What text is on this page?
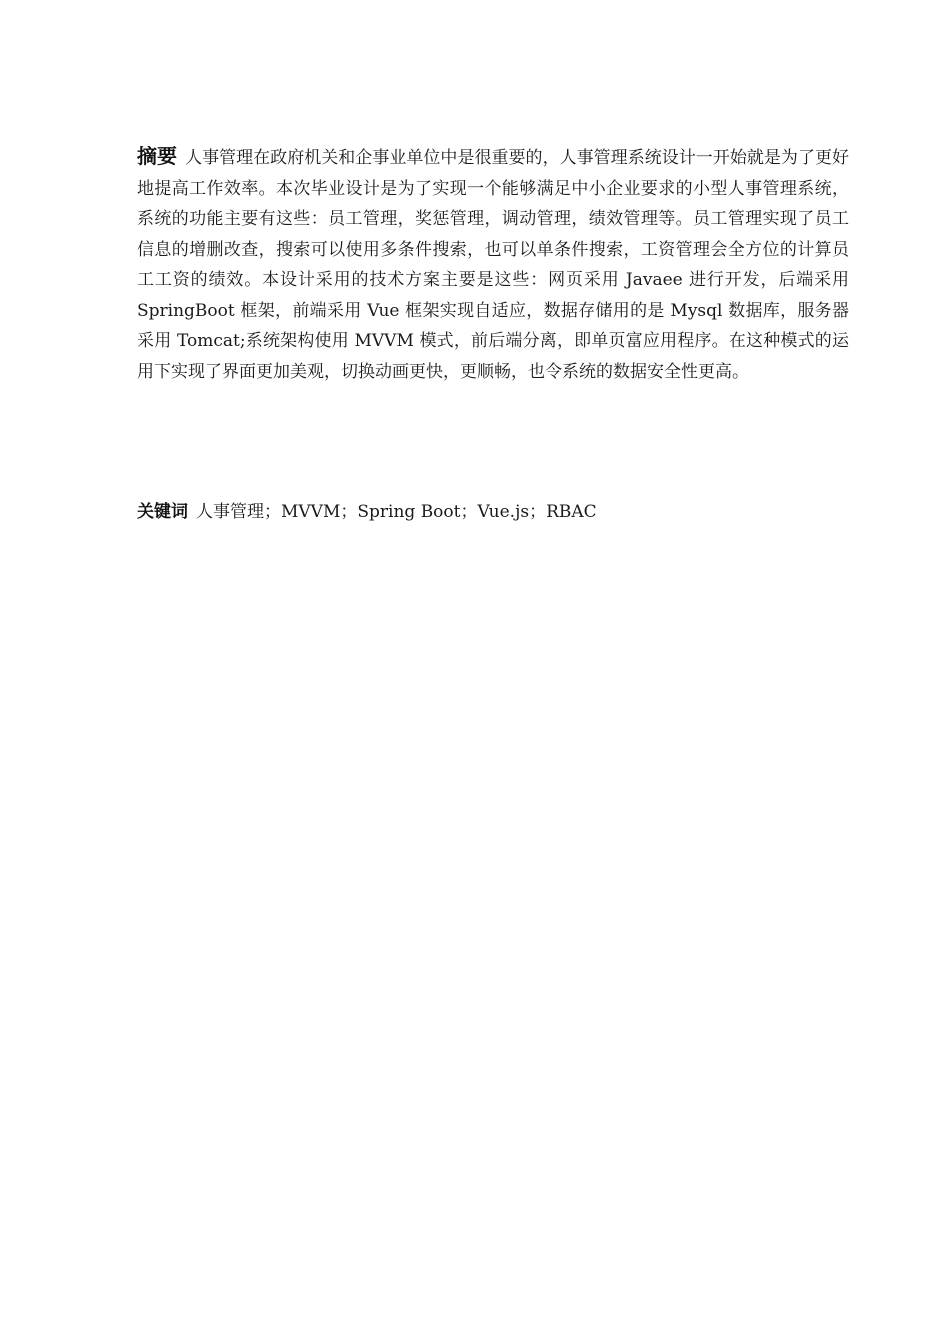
摘要 人事管理在政府机关和企事业单位中是很重要的，人事管理系统设计一开始就是为了更好地提高工作效率。本次毕业设计是为了实现一个能够满足中小企业要求的小型人事管理系统，系统的功能主要有这些：员工管理，奖惩管理，调动管理，绩效管理等。员工管理实现了员工信息的增删改查，搜索可以使用多条件搜索，也可以单条件搜索，工资管理会全方位的计算员工工资的绩效。本设计采用的技术方案主要是这些：网页采用 Javaee 进行开发，后端采用 SpringBoot 框架，前端采用 Vue 框架实现自适应，数据存储用的是 Mysql 数据库，服务器采用 Tomcat;系统架构使用 MVVM 模式，前后端分离，即单页富应用程序。在这种模式的运用下实现了界面更加美观，切换动画更快，更顺畅，也令系统的数据安全性更高。

关键词 人事管理；MVVM；Spring Boot；Vue.js；RBAC
